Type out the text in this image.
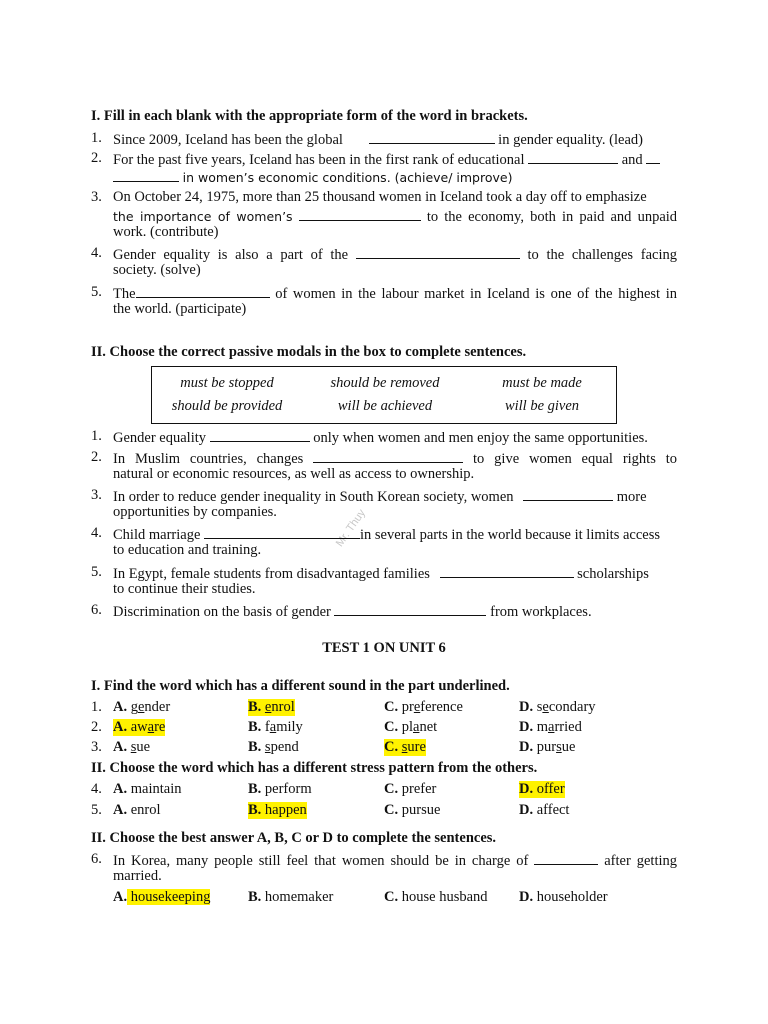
Mr. Thuy
I. Fill in each blank with the appropriate form of the word in brackets.
1. Since 2009, Iceland has been the global	in gender equality. (lead)
2. For the past five years, Iceland has been in the first rank of educational	and
in women’s economic conditions. (achieve/ improve)
3. On October 24, 1975, more than 25 thousand women in Iceland took a day off to emphasize
the importance of women’s	to the economy, both in paid and unpaid
work. (contribute)
4. Gender equality is also a part of the	to the challenges facing
society. (solve)
5. The	of women in the labour market in Iceland is one of the highest in
the world. (participate)
II. Choose the correct passive modals in the box to complete sentences.
must be stopped	should be removed	must be made
should be provided	will be achieved	will be given
1. Gender equality	only when women and men enjoy the same opportunities.
2. In Muslim countries, changes	to give women equal rights to
natural or economic resources, as well as access to ownership.
3. In order to reduce gender inequality in South Korean society, women	more
opportunities by companies.
4. Child marriage	in several parts in the world because it limits access
to education and training.
5. In Egypt, female students from disadvantaged families	scholarships
to continue their studies.
6. Discrimination on the basis of gender	from workplaces.
TEST 1 ON UNIT 6
I. Find the word which has a different sound in the part underlined.
1. A. gender	B. enrol	C. preference	D. secondary
2. A. aware	B. family	C. planet	D. married
3. A. sue	B. spend	C. sure	D. pursue
II. Choose the word which has a different stress pattern from the others.
4. A. maintain	B. perform	C. prefer	D. offer
5. A. enrol	B. happen	C. pursue	D. affect
II. Choose the best answer A, B, C or D to complete the sentences.
6. In Korea, many people still feel that women should be in charge of	after getting
married.
A. housekeeping	B. homemaker	C. house husband D. householder
